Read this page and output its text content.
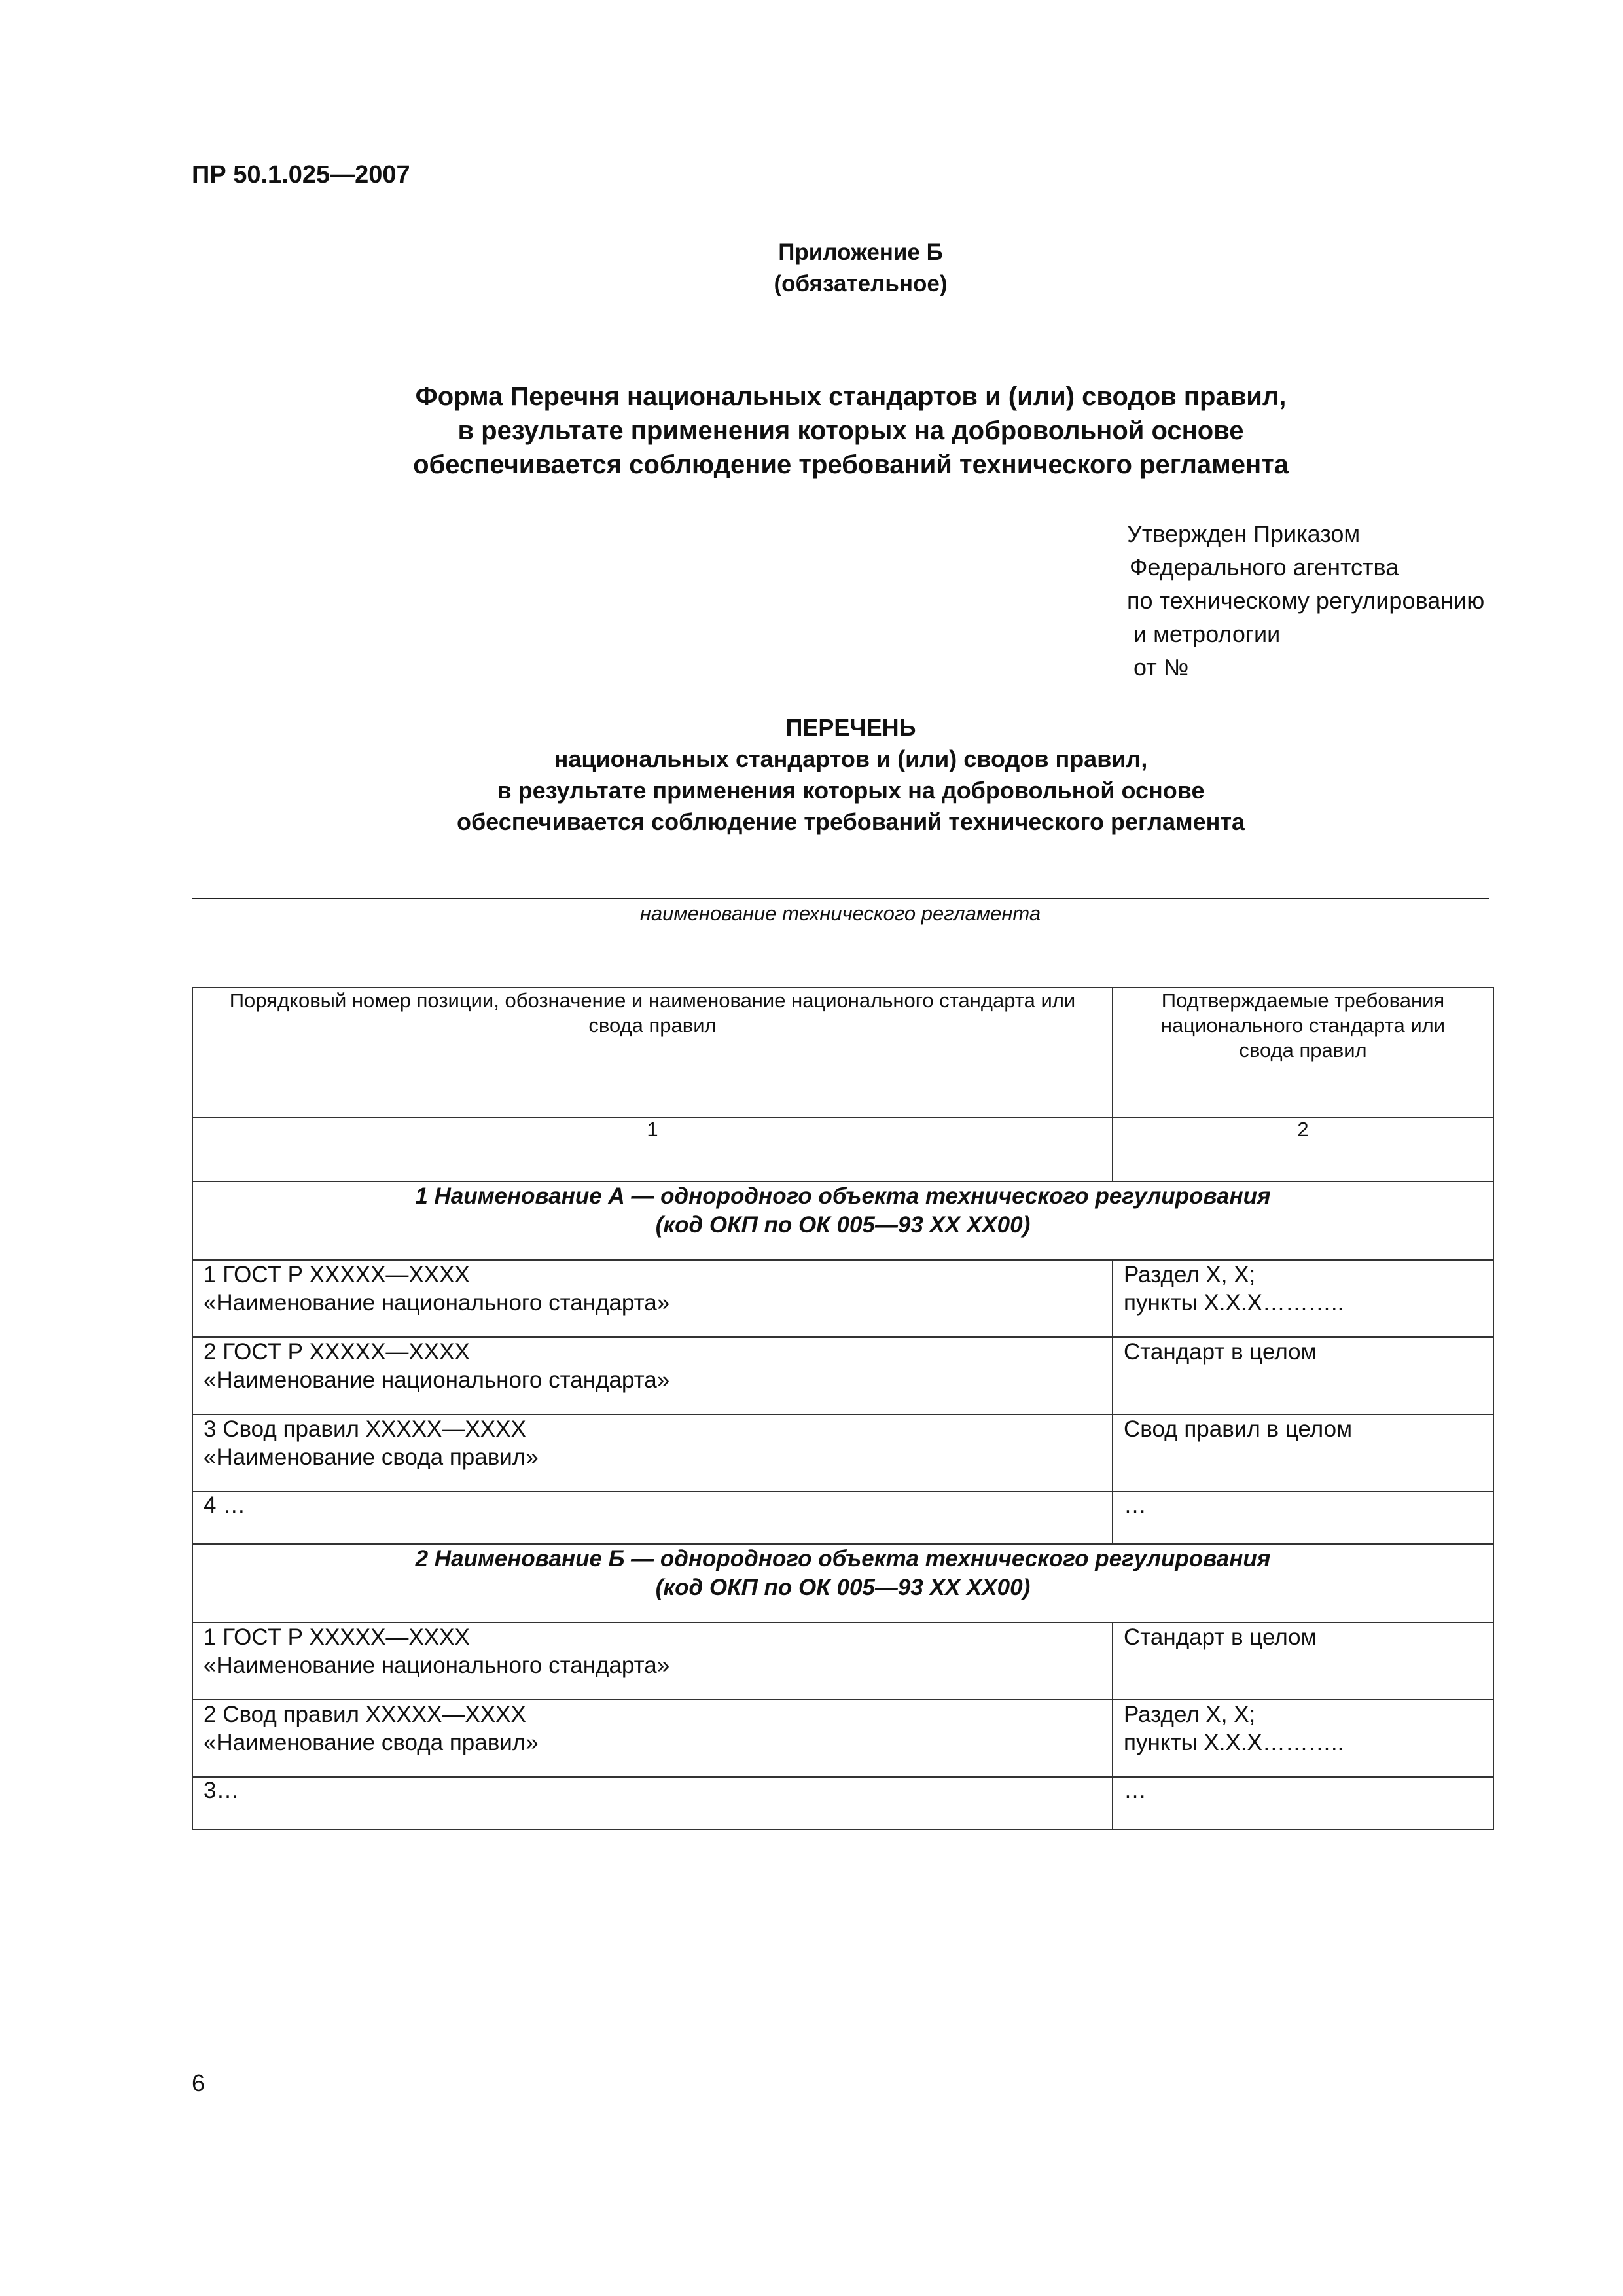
ПР 50.1.025—2007
Приложение Б
(обязательное)
Форма Перечня национальных стандартов и (или) сводов правил,
в результате применения которых на добровольной основе
обеспечивается соблюдение требований технического регламента
Утвержден Приказом
Федерального агентства
по техническому регулированию
и метрологии
от №
ПЕРЕЧЕНЬ
национальных стандартов и (или) сводов правил,
в результате применения которых на добровольной основе
обеспечивается соблюдение требований технического регламента
наименование технического регламента
Порядковый номер позиции, обозначение и наименование национального стандарта или свода правил	Подтверждаемые требования национального стандарта или свода правил
1	2

1 Наименование А — однородного объекта технического регулирования
(код ОКП по ОК 005—93 XX XX00)	

1 ГОСТ Р ХХХХХ—ХХХХ
«Наименование национального стандарта»	Раздел Х, Х;
пункты Х.Х.Х………..

2 ГОСТ Р ХХХХХ—ХХХХ
«Наименование национального стандарта»	Стандарт в целом

3 Свод правил ХХХХХ—ХХХХ
«Наименование свода правил»	Свод правил в целом

4 …	…

2 Наименование Б — однородного объекта технического регулирования
(код ОКП по ОК 005—93 XX XX00)	

1 ГОСТ Р ХХХХХ—ХХХХ
«Наименование национального стандарта»	Стандарт в целом

2 Свод правил ХХХХХ—ХХХХ
«Наименование свода правил»	Раздел Х, Х;
пункты Х.Х.Х………..

3…	…
6
